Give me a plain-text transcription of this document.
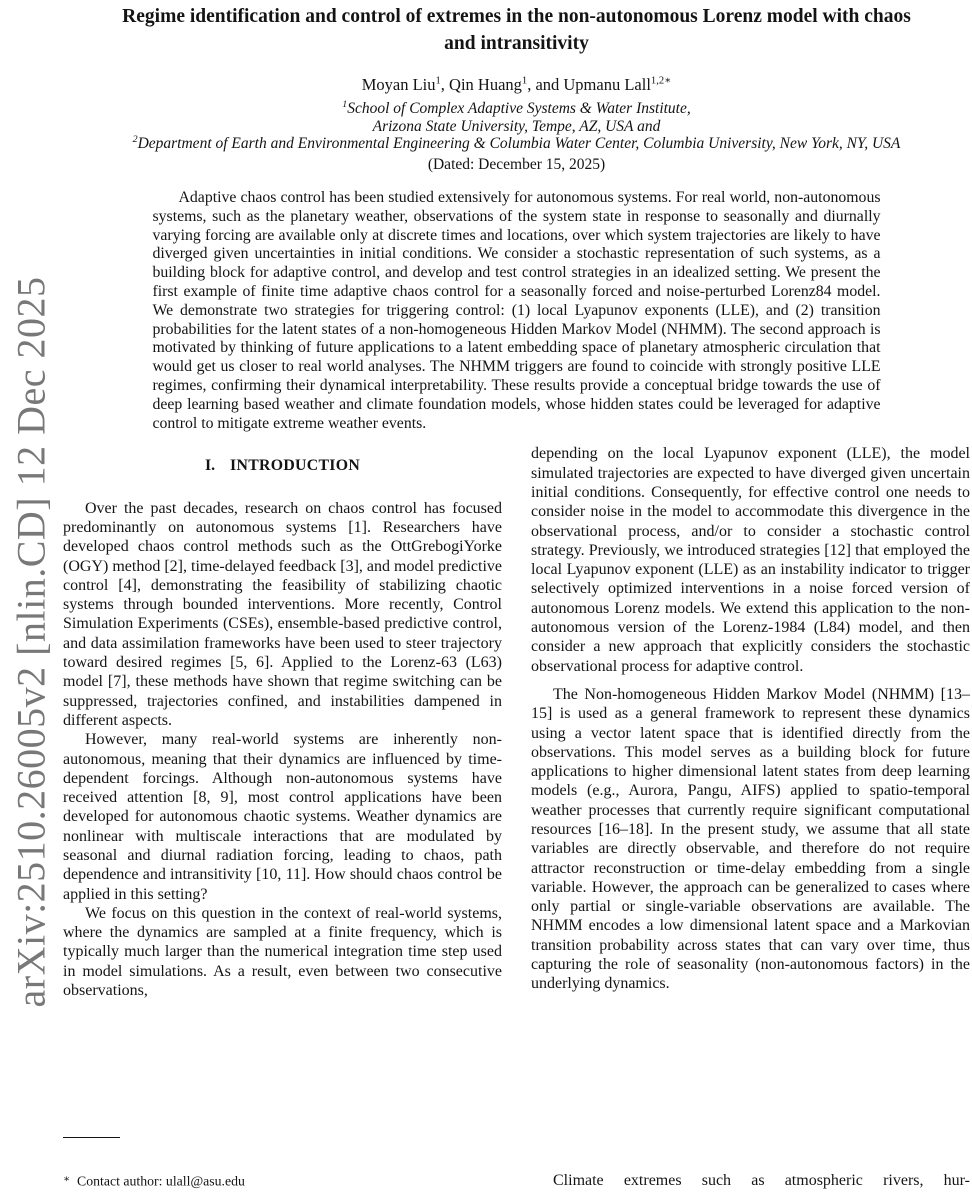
arXiv:2510.26005v2 [nlin.CD] 12 Dec 2025
Regime identification and control of extremes in the non-autonomous Lorenz model with chaos and intransitivity
Moyan Liu$^1$, Qin Huang$^1$, and Upmanu Lall$^{1,2∗}$
$^1$School of Complex Adaptive Systems & Water Institute,
Arizona State University, Tempe, AZ, USA and
$^2$Department of Earth and Environmental Engineering & Columbia Water Center, Columbia University, New York, NY, USA
(Dated: December 15, 2025)

Adaptive chaos control has been studied extensively for autonomous systems. For real world, non-autonomous systems, such as the planetary weather, observations of the system state in response to seasonally and diurnally varying forcing are available only at discrete times and locations, over which system trajectories are likely to have diverged given uncertainties in initial conditions. We consider a stochastic representation of such systems, as a building block for adaptive control, and develop and test control strategies in an idealized setting. We present the first example of finite time adaptive chaos control for a seasonally forced and noise-perturbed Lorenz84 model. We demonstrate two strategies for triggering control: (1) local Lyapunov exponents (LLE), and (2) transition probabilities for the latent states of a non-homogeneous Hidden Markov Model (NHMM). The second approach is motivated by thinking of future applications to a latent embedding space of planetary atmospheric circulation that would get us closer to real world analyses. The NHMM triggers are found to coincide with strongly positive LLE regimes, confirming their dynamical interpretability. These results provide a conceptual bridge towards the use of deep learning based weather and climate foundation models, whose hidden states could be leveraged for adaptive control to mitigate extreme weather events.

I. INTRODUCTION

Over the past decades, research on chaos control has focused predominantly on autonomous systems [1]. Researchers have developed chaos control methods such as the OttGrebogiYorke (OGY) method [2], time-delayed feedback [3], and model predictive control [4], demonstrating the feasibility of stabilizing chaotic systems through bounded interventions. More recently, Control Simulation Experiments (CSEs), ensemble-based predictive control, and data assimilation frameworks have been used to steer trajectory toward desired regimes [5, 6]. Applied to the Lorenz-63 (L63) model [7], these methods have shown that regime switching can be suppressed, trajectories confined, and instabilities dampened in different aspects.

However, many real-world systems are inherently non-autonomous, meaning that their dynamics are influenced by time-dependent forcings. Although non-autonomous systems have received attention [8, 9], most control applications have been developed for autonomous chaotic systems. Weather dynamics are nonlinear with multiscale interactions that are modulated by seasonal and diurnal radiation forcing, leading to chaos, path dependence and intransitivity [10, 11]. How should chaos control be applied in this setting?

We focus on this question in the context of real-world systems, where the dynamics are sampled at a finite frequency, which is typically much larger than the numerical integration time step used in model simulations. As a result, even between two consecutive observations,

∗ Contact author: ulall@asu.edu

depending on the local Lyapunov exponent (LLE), the model simulated trajectories are expected to have diverged given uncertain initial conditions. Consequently, for effective control one needs to consider noise in the model to accommodate this divergence in the observational process, and/or to consider a stochastic control strategy. Previously, we introduced strategies [12] that employed the local Lyapunov exponent (LLE) as an instability indicator to trigger selectively optimized interventions in a noise forced version of autonomous Lorenz models. We extend this application to the non-autonomous version of the Lorenz-1984 (L84) model, and then consider a new approach that explicitly considers the stochastic observational process for adaptive control.

The Non-homogeneous Hidden Markov Model (NHMM) [13–15] is used as a general framework to represent these dynamics using a vector latent space that is identified directly from the observations. This model serves as a building block for future applications to higher dimensional latent states from deep learning models (e.g., Aurora, Pangu, AIFS) applied to spatio-temporal weather processes that currently require significant computational resources [16–18]. In the present study, we assume that all state variables are directly observable, and therefore do not require attractor reconstruction or time-delay embedding from a single variable. However, the approach can be generalized to cases where only partial or single-variable observations are available. The NHMM encodes a low dimensional latent space and a Markovian transition probability across states that can vary over time, thus capturing the role of seasonality (non-autonomous factors) in the underlying dynamics.

Climate extremes such as atmospheric rivers, hur-
